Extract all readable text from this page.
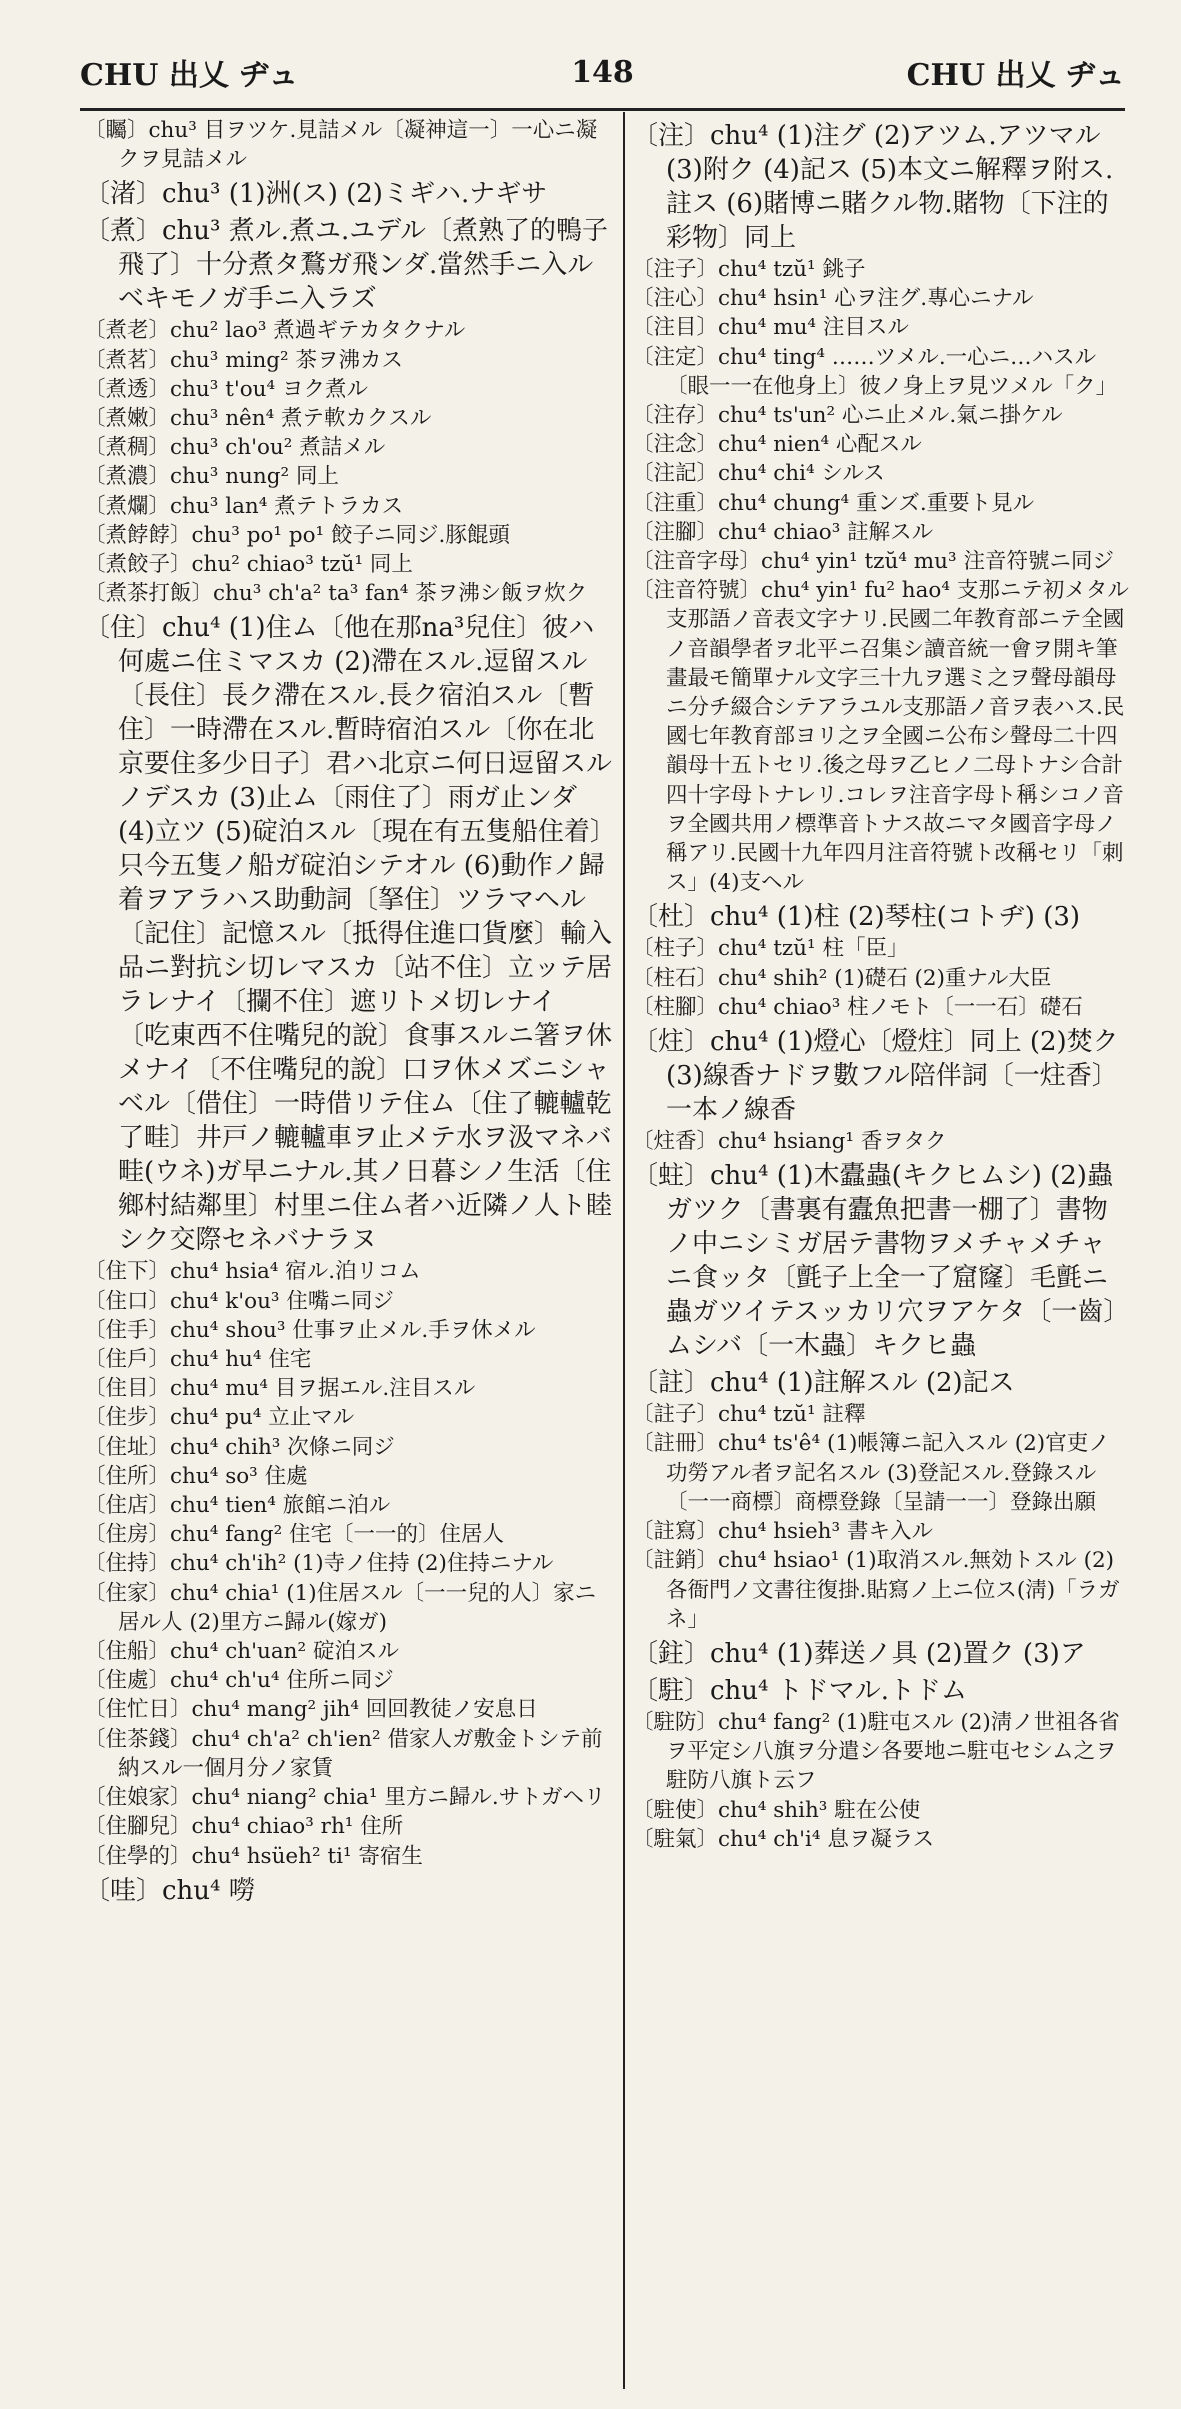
CHU 出乂 ヂュ	148	CHU 出乂 ヂュ

〔矚〕chu³ 目ヲツケ.見詰メル〔凝神這一〕一心ニ凝クヲ見詰メル

〔渚〕chu³ (1)洲(ス) (2)ミギハ.ナギサ

〔煮〕chu³ 煮ル.煮ユ.ユデル〔煮熟了的鴨子飛了〕十分煮タ鶩ガ飛ンダ.當然手ニ入ルベキモノガ手ニ入ラズ

〔煮老〕chu² lao³ 煮過ギテカタクナル

〔煮茗〕chu³ ming² 茶ヲ沸カス

〔煮透〕chu³ t'ou⁴ ヨク煮ル

〔煮嫩〕chu³ nên⁴ 煮テ軟カクスル

〔煮稠〕chu³ ch'ou² 煮詰メル

〔煮濃〕chu³ nung² 同上

〔煮爛〕chu³ lan⁴ 煮テトラカス

〔煮餑餑〕chu³ po¹ po¹ 餃子ニ同ジ.豚餛頭

〔煮餃子〕chu² chiao³ tzŭ¹ 同上

〔煮茶打飯〕chu³ ch'a² ta³ fan⁴ 茶ヲ沸シ飯ヲ炊ク

〔住〕chu⁴ (1)住ム〔他在那na³兒住〕彼ハ何處ニ住ミマスカ (2)滯在スル.逗留スル〔長住〕長ク滯在スル.長ク宿泊スル〔暫住〕一時滯在スル.暫時宿泊スル〔你在北京要住多少日子〕君ハ北京ニ何日逗留スルノデスカ (3)止ム〔雨住了〕雨ガ止ンダ (4)立ツ (5)碇泊スル〔現在有五隻船住着〕只今五隻ノ船ガ碇泊シテオル (6)動作ノ歸着ヲアラハス助動詞〔拏住〕ツラマヘル〔記住〕記憶スル〔抵得住進口貨麼〕輸入品ニ對抗シ切レマスカ〔站不住〕立ッテ居ラレナイ〔攔不住〕遮リトメ切レナイ 〔吃東西不住嘴兒的說〕食事スルニ箸ヲ休メナイ〔不住嘴兒的說〕口ヲ休メズニシャベル〔借住〕一時借リテ住ム〔住了轆轤乾了畦〕井戸ノ轆轤車ヲ止メテ水ヲ汲マネバ畦(ウネ)ガ早ニナル.其ノ日暮シノ生活〔住鄉村結鄰里〕村里ニ住ム者ハ近隣ノ人ト睦シク交際セネバナラヌ

〔住下〕chu⁴ hsia⁴ 宿ル.泊リコム

〔住口〕chu⁴ k'ou³ 住嘴ニ同ジ

〔住手〕chu⁴ shou³ 仕事ヲ止メル.手ヲ休メル

〔住戶〕chu⁴ hu⁴ 住宅

〔住目〕chu⁴ mu⁴ 目ヲ据エル.注目スル

〔住步〕chu⁴ pu⁴ 立止マル

〔住址〕chu⁴ chih³ 次條ニ同ジ

〔住所〕chu⁴ so³ 住處

〔住店〕chu⁴ tien⁴ 旅館ニ泊ル

〔住房〕chu⁴ fang² 住宅〔一一的〕住居人

〔住持〕chu⁴ ch'ih² (1)寺ノ住持 (2)住持ニナル

〔住家〕chu⁴ chia¹ (1)住居スル〔一一兒的人〕家ニ居ル人 (2)里方ニ歸ル(嫁ガ)

〔住船〕chu⁴ ch'uan² 碇泊スル

〔住處〕chu⁴ ch'u⁴ 住所ニ同ジ

〔住忙日〕chu⁴ mang² jih⁴ 回回教徒ノ安息日

〔住茶錢〕chu⁴ ch'a² ch'ien² 借家人ガ敷金トシテ前納スル一個月分ノ家賃

〔住娘家〕chu⁴ niang² chia¹ 里方ニ歸ル.サトガヘリ

〔住腳兒〕chu⁴ chiao³ rh¹ 住所

〔住學的〕chu⁴ hsüeh² ti¹ 寄宿生

〔哇〕chu⁴ 嘮

〔注〕chu⁴ (1)注グ (2)アツム.アツマル (3)附ク (4)記ス (5)本文ニ解釋ヲ附ス.註ス (6)賭博ニ賭クル物.賭物〔下注的彩物〕同上

〔注子〕chu⁴ tzŭ¹ 銚子

〔注心〕chu⁴ hsin¹ 心ヲ注グ.專心ニナル

〔注目〕chu⁴ mu⁴ 注目スル

〔注定〕chu⁴ ting⁴ ……ツメル.一心ニ…ハスル〔眼一一在他身上〕彼ノ身上ヲ見ツメル「ク」

〔注存〕chu⁴ ts'un² 心ニ止メル.氣ニ掛ケル

〔注念〕chu⁴ nien⁴ 心配スル

〔注記〕chu⁴ chi⁴ シルス

〔注重〕chu⁴ chung⁴ 重ンズ.重要ト見ル

〔注腳〕chu⁴ chiao³ 註解スル

〔注音字母〕chu⁴ yin¹ tzŭ⁴ mu³ 注音符號ニ同ジ

〔注音符號〕chu⁴ yin¹ fu² hao⁴ 支那ニテ初メタル支那語ノ音表文字ナリ.民國二年教育部ニテ全國ノ音韻學者ヲ北平ニ召集シ讀音統一會ヲ開キ筆畫最モ簡單ナル文字三十九ヲ選ミ之ヲ聲母韻母ニ分チ綴合シテアラユル支那語ノ音ヲ表ハス.民國七年教育部ヨリ之ヲ全國ニ公布シ聲母二十四韻母十五トセリ.後之母ヲ乙ヒノ二母トナシ合計四十字母トナレリ.コレヲ注音字母ト稱シコノ音ヲ全國共用ノ標準音トナス故ニマタ國音字母ノ稱アリ.民國十九年四月注音符號ト改稱セリ「刺ス」(4)支ヘル

〔杜〕chu⁴ (1)柱 (2)琴柱(コトヂ) (3)

〔柱子〕chu⁴ tzŭ¹ 柱「臣」

〔柱石〕chu⁴ shih² (1)礎石 (2)重ナル大臣

〔柱腳〕chu⁴ chiao³ 柱ノモト〔一一石〕礎石

〔炷〕chu⁴ (1)燈心〔燈炷〕同上 (2)焚ク (3)線香ナドヲ數フル陪伴詞〔一炷香〕一本ノ線香

〔炷香〕chu⁴ hsiang¹ 香ヲタク

〔蛀〕chu⁴ (1)木蠹蟲(キクヒムシ) (2)蟲ガツク〔書裏有蠹魚把書一棚了〕書物ノ中ニシミガ居テ書物ヲメチャメチャニ食ッタ〔氈子上全一了窟窿〕毛氈ニ蟲ガツイテスッカリ穴ヲアケタ〔一齒〕ムシバ〔一木蟲〕キクヒ蟲

〔註〕chu⁴ (1)註解スル (2)記ス

〔註子〕chu⁴ tzŭ¹ 註釋

〔註冊〕chu⁴ ts'ê⁴ (1)帳簿ニ記入スル (2)官吏ノ功勞アル者ヲ記名スル (3)登記スル.登錄スル〔一一商標〕商標登錄〔呈請一一〕登錄出願

〔註寫〕chu⁴ hsieh³ 書キ入ル

〔註銷〕chu⁴ hsiao¹ (1)取消スル.無効トスル (2)各衙門ノ文書往復掛.貼寫ノ上ニ位ス(淸)「ラガネ」

〔鉒〕chu⁴ (1)葬送ノ具 (2)置ク (3)ア

〔駐〕chu⁴ トドマル.トドム

〔駐防〕chu⁴ fang² (1)駐屯スル (2)淸ノ世祖各省ヲ平定シ八旗ヲ分遣シ各要地ニ駐屯セシム之ヲ駐防八旗ト云フ

〔駐使〕chu⁴ shih³ 駐在公使

〔駐氣〕chu⁴ ch'i⁴ 息ヲ凝ラス
